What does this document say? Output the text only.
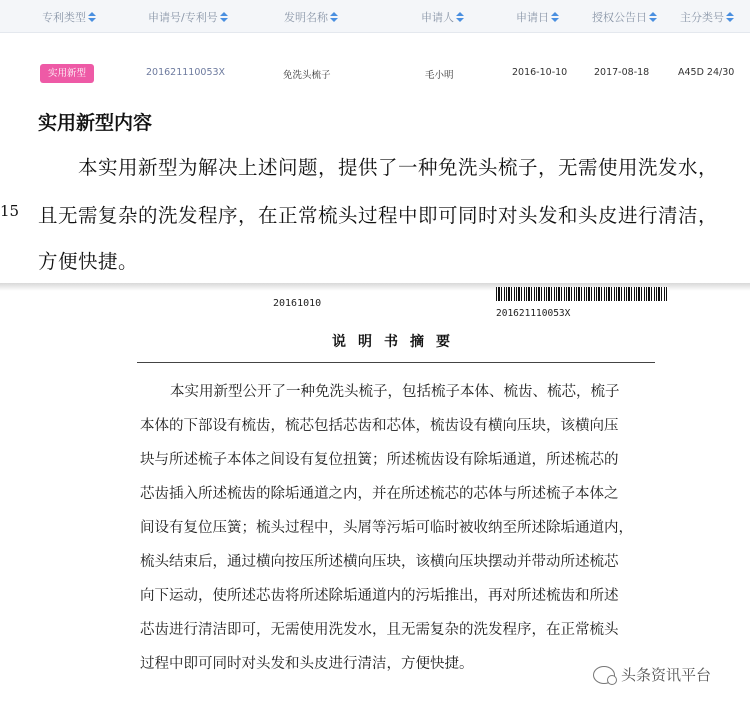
专利类型	申请号/专利号	发明名称	申请人	申请日	授权公告日	主分类号
实用新型	201621110053X	免洗头梳子	毛小明	2016-10-10	2017-08-18	A45D 24/30
实用新型内容
本实用新型为解决上述问题，提供了一种免洗头梳子，无需使用洗发水，
15 且无需复杂的洗发程序，在正常梳头过程中即可同时对头发和头皮进行清洁，
方便快捷。
20161010
201621110053X
说明书摘要
本实用新型公开了一种免洗头梳子，包括梳子本体、梳齿、梳芯，梳子
本体的下部设有梳齿，梳芯包括芯齿和芯体，梳齿设有横向压块，该横向压
块与所述梳子本体之间设有复位扭簧；所述梳齿设有除垢通道，所述梳芯的
芯齿插入所述梳齿的除垢通道之内，并在所述梳芯的芯体与所述梳子本体之
间设有复位压簧；梳头过程中，头屑等污垢可临时被收纳至所述除垢通道内，
梳头结束后，通过横向按压所述横向压块，该横向压块摆动并带动所述梳芯
向下运动，使所述芯齿将所述除垢通道内的污垢推出，再对所述梳齿和所述
芯齿进行清洁即可，无需使用洗发水，且无需复杂的洗发程序，在正常梳头
过程中即可同时对头发和头皮进行清洁，方便快捷。
头条资讯平台
